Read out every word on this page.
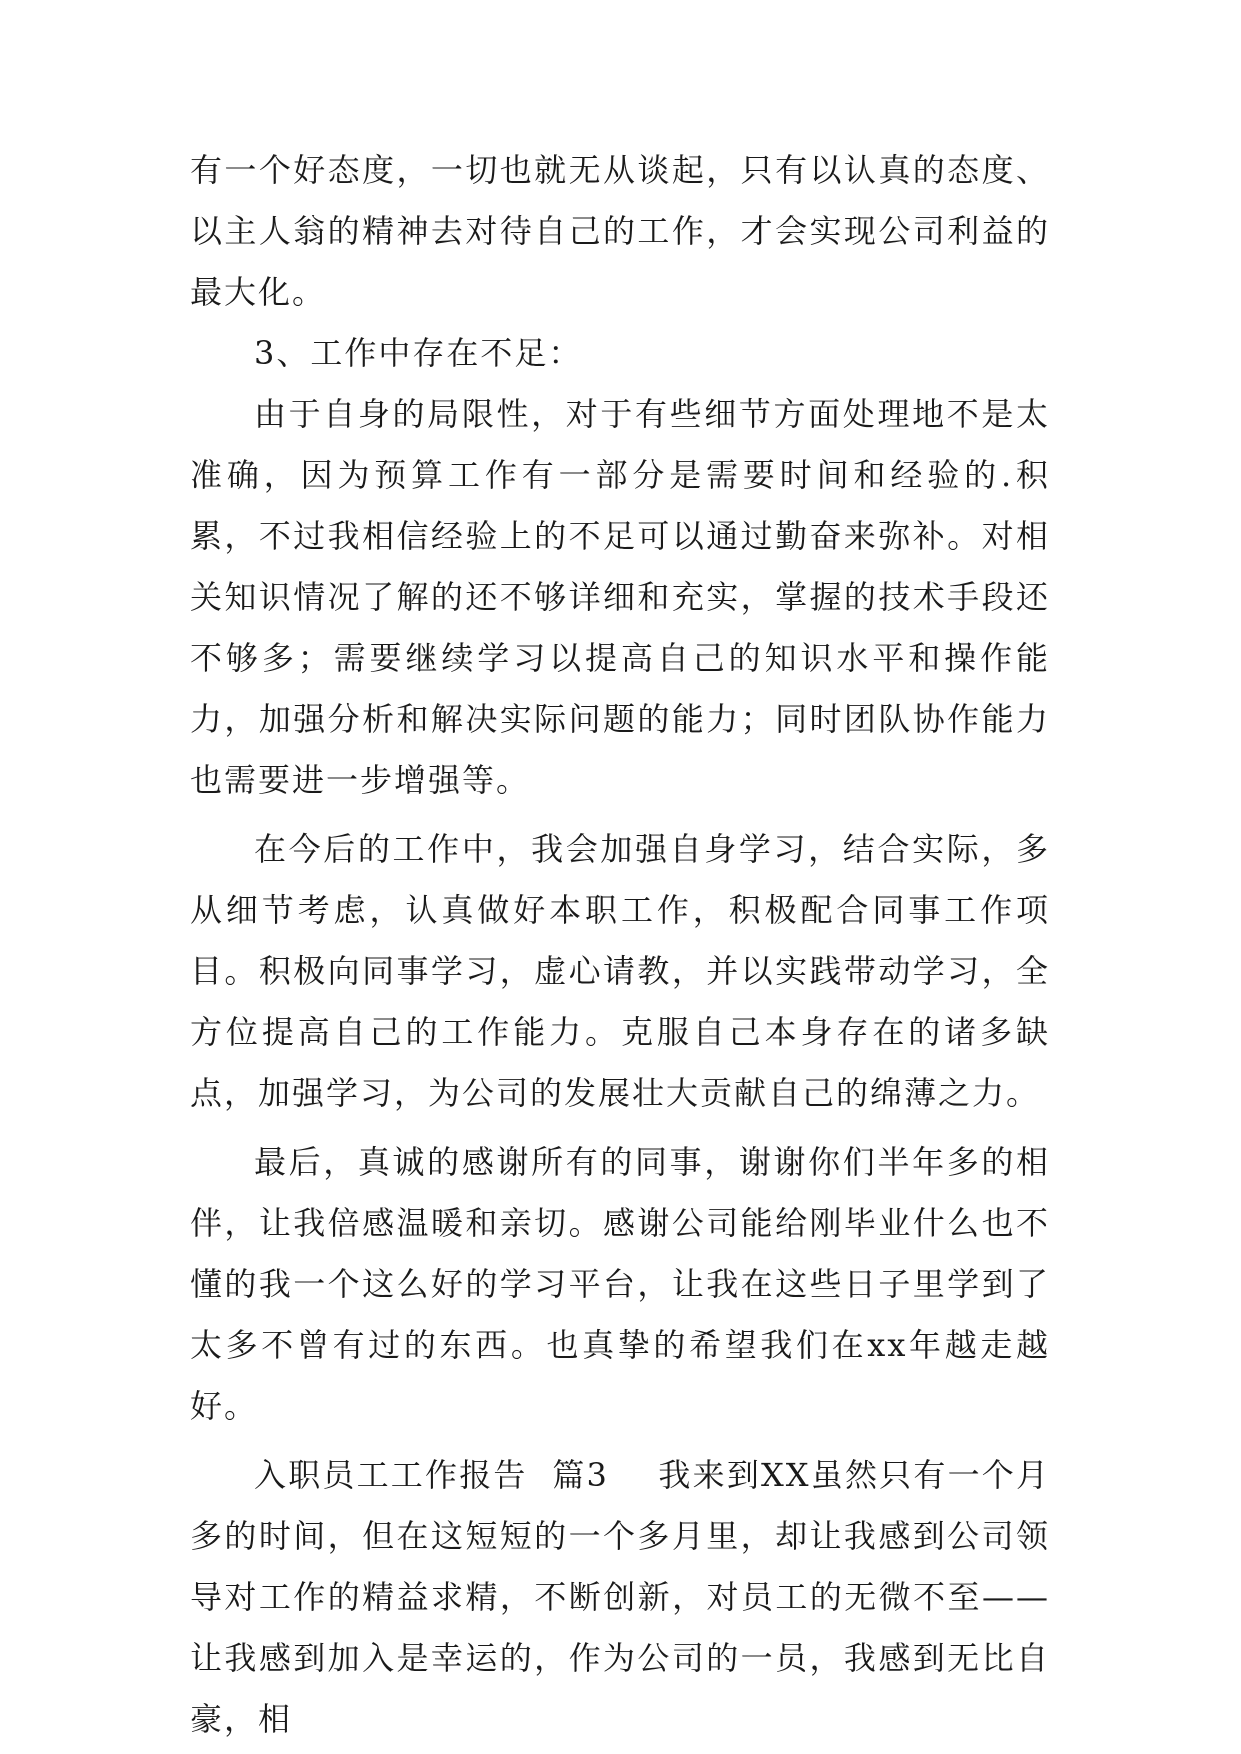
有一个好态度，一切也就无从谈起，只有以认真的态度、以主人翁的精神去对待自己的工作，才会实现公司利益的最大化。

3、工作中存在不足：

由于自身的局限性，对于有些细节方面处理地不是太准确，因为预算工作有一部分是需要时间和经验的.积累，不过我相信经验上的不足可以通过勤奋来弥补。对相关知识情况了解的还不够详细和充实，掌握的技术手段还不够多；需要继续学习以提高自己的知识水平和操作能力，加强分析和解决实际问题的能力；同时团队协作能力也需要进一步增强等。

在今后的工作中，我会加强自身学习，结合实际，多从细节考虑，认真做好本职工作，积极配合同事工作项目。积极向同事学习，虚心请教，并以实践带动学习，全方位提高自己的工作能力。克服自己本身存在的诸多缺点，加强学习，为公司的发展壮大贡献自己的绵薄之力。

最后，真诚的感谢所有的同事，谢谢你们半年多的相伴，让我倍感温暖和亲切。感谢公司能给刚毕业什么也不懂的我一个这么好的学习平台，让我在这些日子里学到了太多不曾有过的东西。也真挚的希望我们在xx年越走越好。

入职员工工作报告  篇3    我来到XX虽然只有一个月多的时间，但在这短短的一个多月里，却让我感到公司领导对工作的精益求精，不断创新，对员工的无微不至——让我感到加入是幸运的，作为公司的一员，我感到无比自豪，相
